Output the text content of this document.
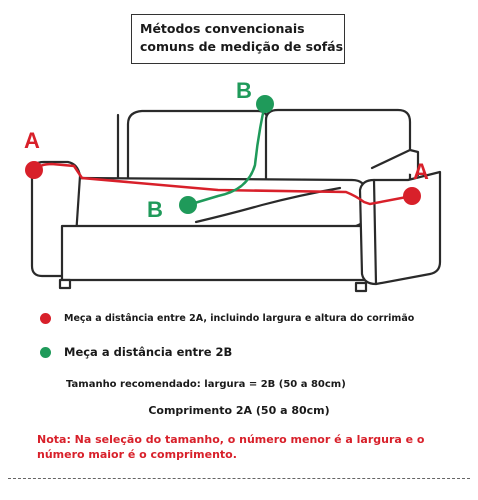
Métodos convencionais
comuns de medição de sofás
A
A
B
B
Meça a distância entre 2A, incluindo largura e altura do corrimão
Meça a distância entre 2B
Tamanho recomendado: largura = 2B (50 a 80cm)
Comprimento 2A (50 a 80cm)
Nota: Na seleção do tamanho, o número menor é a largura e o número maior é o comprimento.
